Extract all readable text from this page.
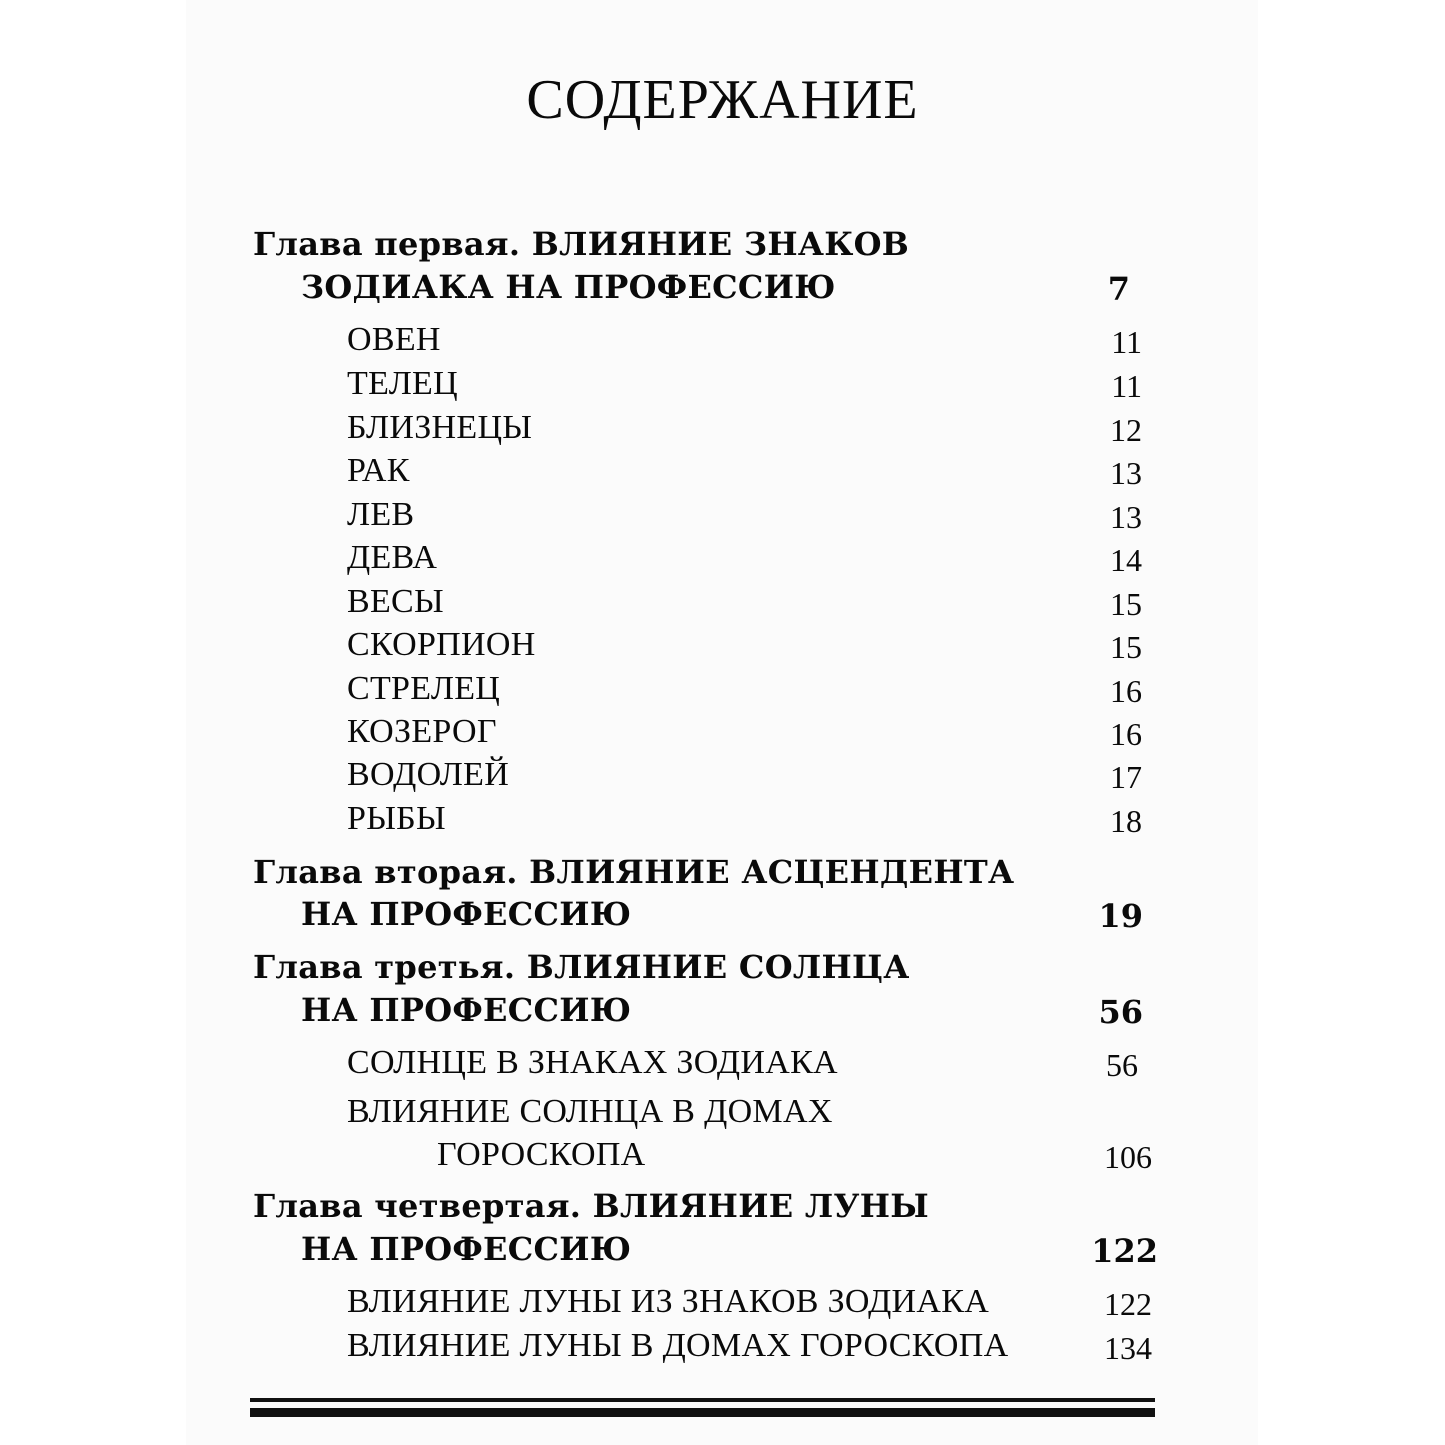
СОДЕРЖАНИЕ
Глава первая. ВЛИЯНИЕ ЗНАКОВ
ЗОДИАКА НА ПРОФЕССИЮ	7
ОВЕН	11
ТЕЛЕЦ	11
БЛИЗНЕЦЫ	12
РАК	13
ЛЕВ	13
ДЕВА	14
ВЕСЫ	15
СКОРПИОН	15
СТРЕЛЕЦ	16
КОЗЕРОГ	16
ВОДОЛЕЙ	17
РЫБЫ	18
Глава вторая. ВЛИЯНИЕ АСЦЕНДЕНТА
НА ПРОФЕССИЮ	19
Глава третья. ВЛИЯНИЕ СОЛНЦА
НА ПРОФЕССИЮ	56
СОЛНЦЕ В ЗНАКАХ ЗОДИАКА	56
ВЛИЯНИЕ СОЛНЦА В ДОМАХ
ГОРОСКОПА	106
Глава четвертая. ВЛИЯНИЕ ЛУНЫ
НА ПРОФЕССИЮ	122
ВЛИЯНИЕ ЛУНЫ ИЗ ЗНАКОВ ЗОДИАКА	122
ВЛИЯНИЕ ЛУНЫ В ДОМАХ ГОРОСКОПА	134
